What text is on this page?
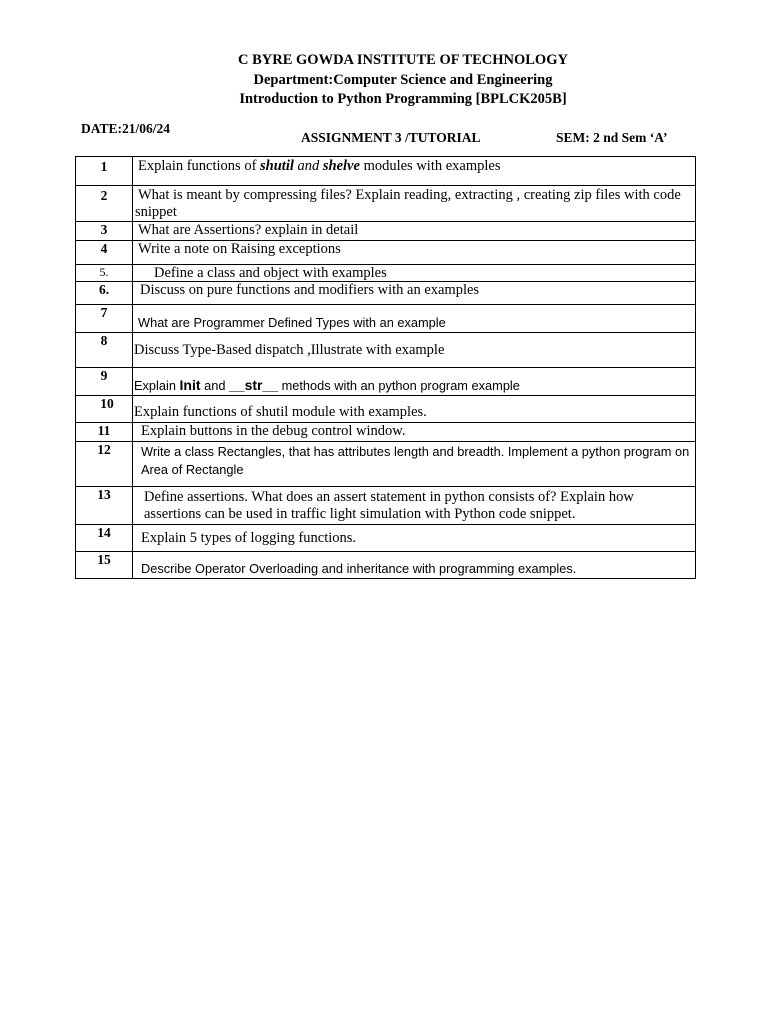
C BYRE GOWDA INSTITUTE OF TECHNOLOGY
Department:Computer Science and Engineering
Introduction to Python Programming [BPLCK205B]
DATE:21/06/24
ASSIGNMENT 3 /TUTORIAL	SEM: 2 nd Sem ‘A’
1	Explain functions of shutil and shelve modules with examples

2	What is meant by compressing files? Explain reading, extracting , creating zip files with code snippet

3	What are Assertions? explain in detail

4	Write a note on Raising exceptions

5.	Define a class and object with examples

6.	Discuss on pure functions and modifiers with an examples

7	What are Programmer Defined Types with an example

8	Discuss Type-Based dispatch ,Illustrate with example

9	Explain Init and __str__ methods with an python program example

10	Explain functions of shutil module with examples.

11	Explain buttons in the debug control window.

12	Write a class Rectangles, that has attributes length and breadth. Implement a python program on Area of Rectangle

13	Define assertions. What does an assert statement in python consists of? Explain how assertions can be used in traffic light simulation with Python code snippet.

14	Explain 5 types of logging functions.

15	Describe Operator Overloading and inheritance with programming examples.
